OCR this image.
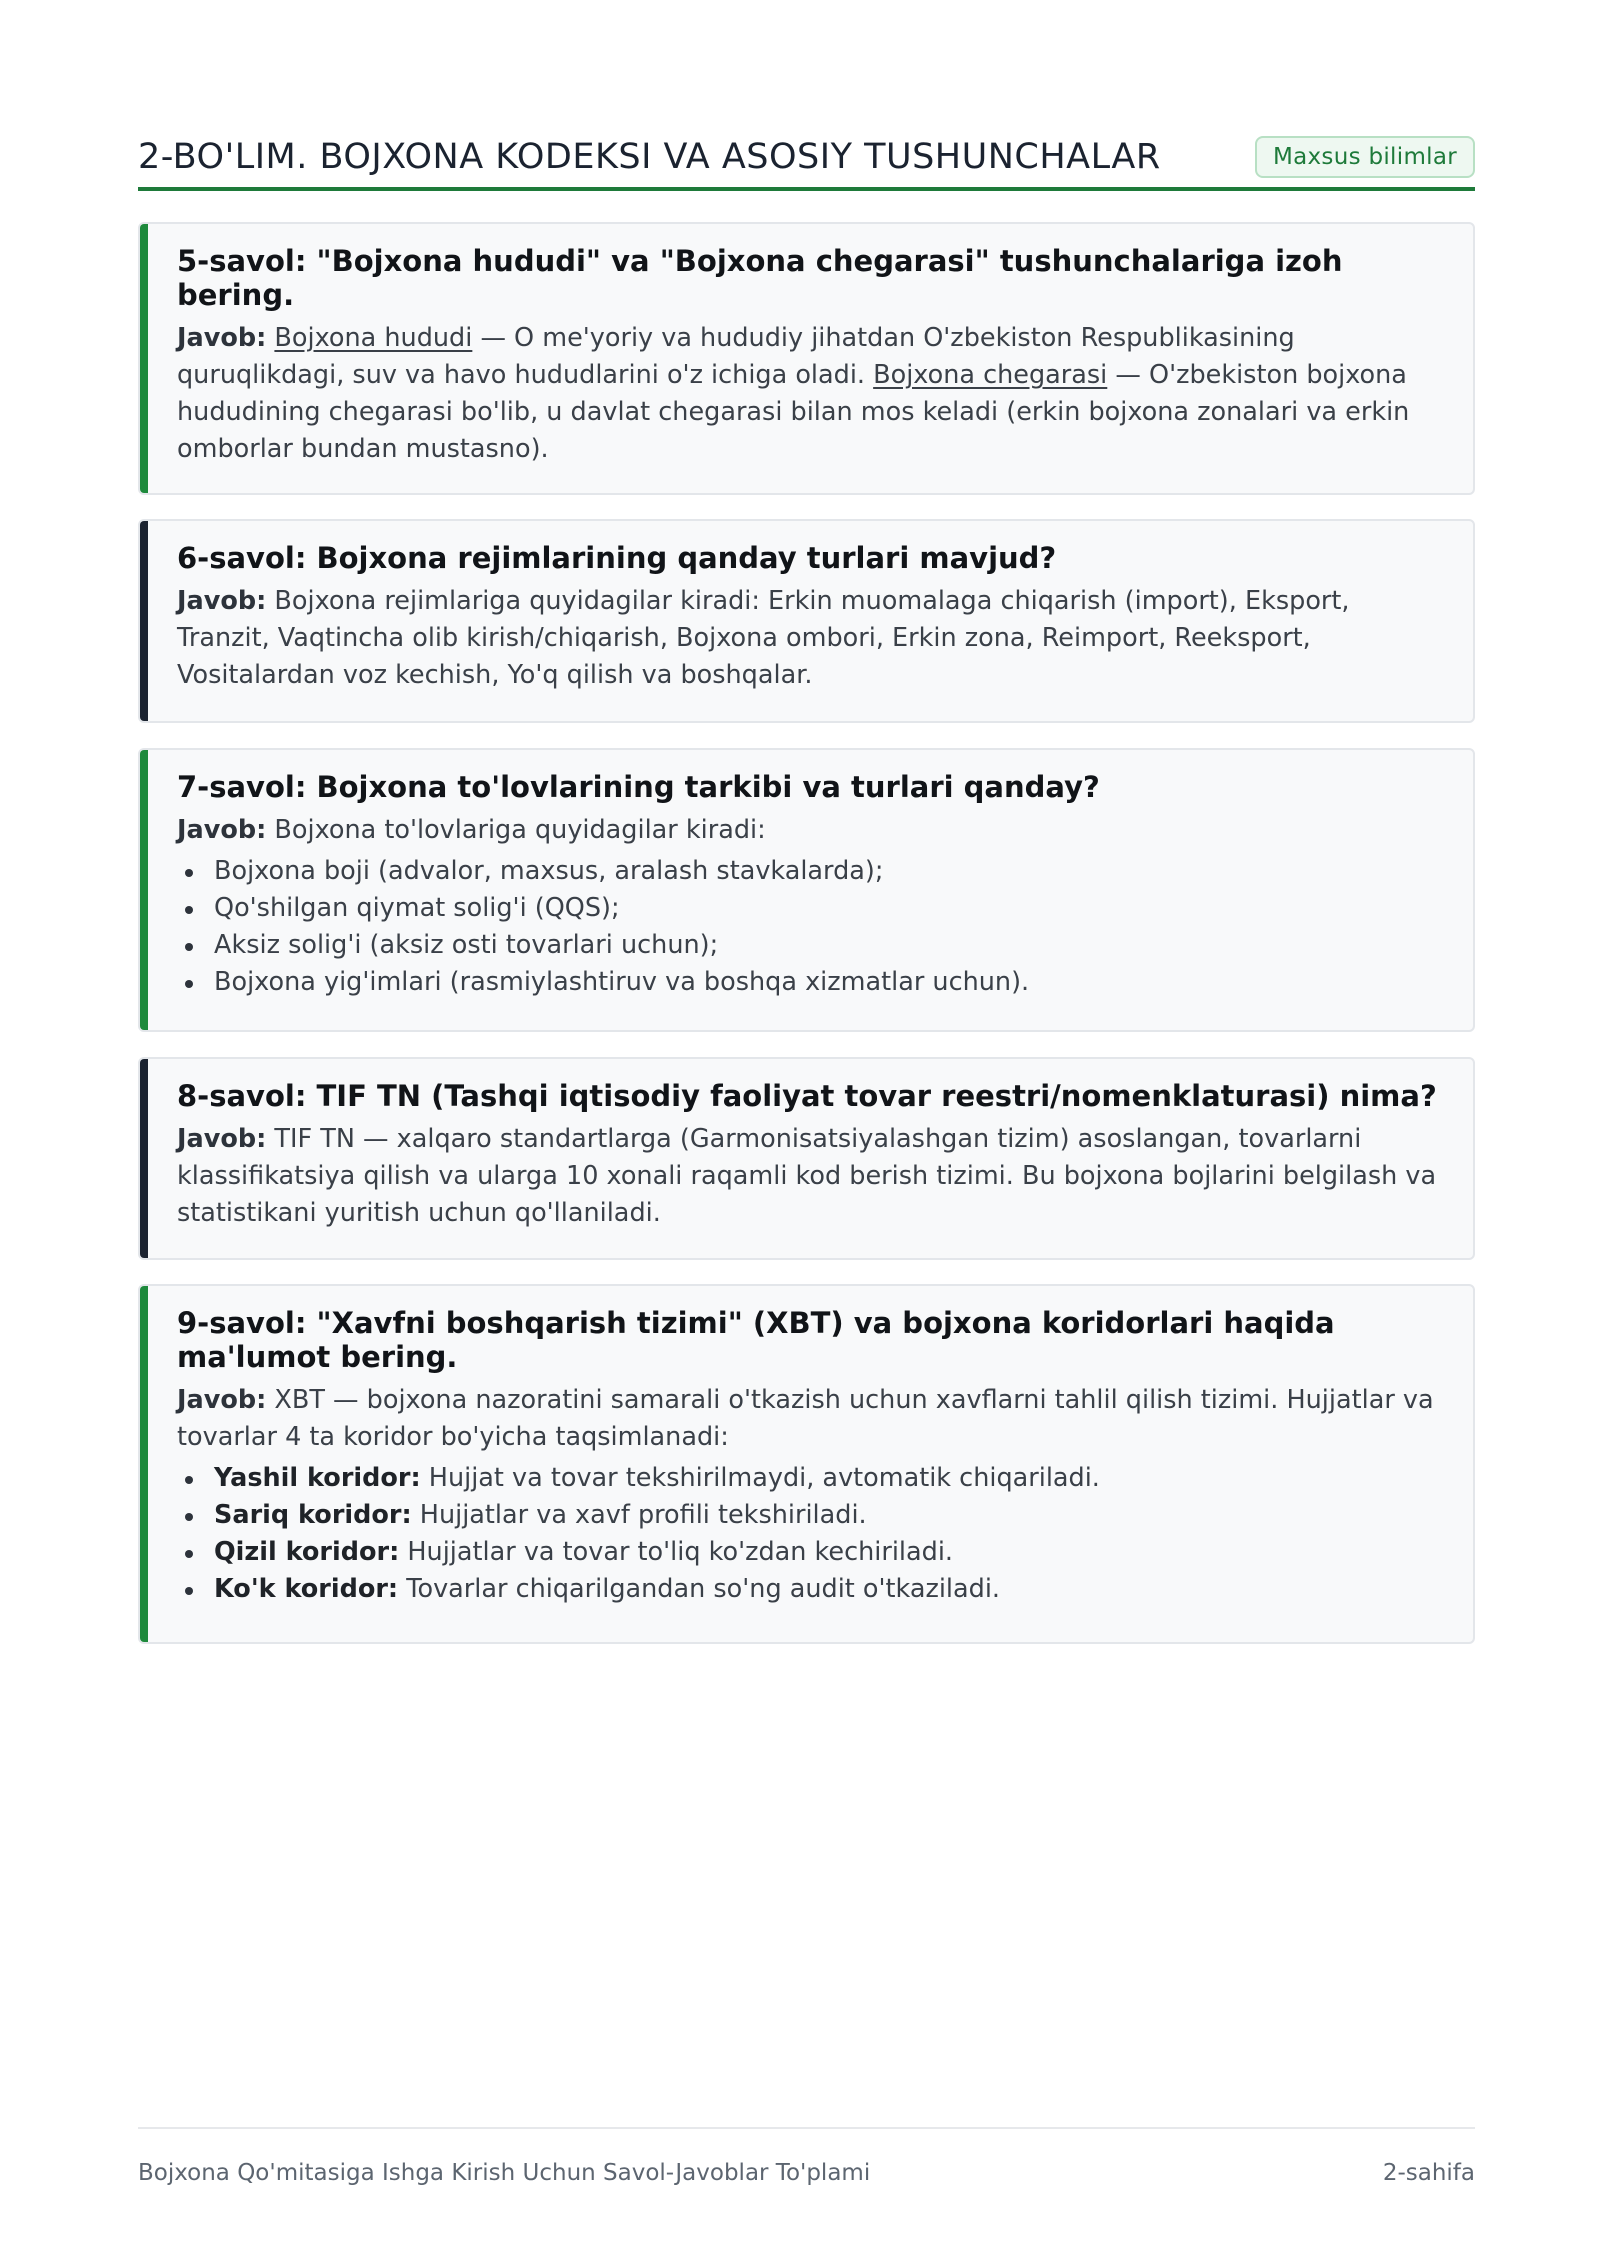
2-BO'LIM. BOJXONA KODEKSI VA ASOSIY TUSHUNCHALAR	Maxsus bilimlar

5-savol: "Bojxona hududi" va "Bojxona chegarasi" tushunchalariga izoh bering.

Javob: Bojxona hududi — O me'yoriy va hududiy jihatdan O'zbekiston Respublikasining quruqlikdagi, suv va havo hududlarini o'z ichiga oladi. Bojxona chegarasi — O'zbekiston bojxona hududining chegarasi bo'lib, u davlat chegarasi bilan mos keladi (erkin bojxona zonalari va erkin omborlar bundan mustasno).

6-savol: Bojxona rejimlarining qanday turlari mavjud?

Javob: Bojxona rejimlariga quyidagilar kiradi: Erkin muomalaga chiqarish (import), Eksport, Tranzit, Vaqtincha olib kirish/chiqarish, Bojxona ombori, Erkin zona, Reimport, Reeksport, Vositalardan voz kechish, Yo'q qilish va boshqalar.

7-savol: Bojxona to'lovlarining tarkibi va turlari qanday?

Javob: Bojxona to'lovlariga quyidagilar kiradi:

Bojxona boji (advalor, maxsus, aralash stavkalarda);
Qo'shilgan qiymat solig'i (QQS);
Aksiz solig'i (aksiz osti tovarlari uchun);
Bojxona yig'imlari (rasmiylashtiruv va boshqa xizmatlar uchun).

8-savol: TIF TN (Tashqi iqtisodiy faoliyat tovar reestri/nomenklaturasi) nima?

Javob: TIF TN — xalqaro standartlarga (Garmonisatsiyalashgan tizim) asoslangan, tovarlarni klassifikatsiya qilish va ularga 10 xonali raqamli kod berish tizimi. Bu bojxona bojlarini belgilash va statistikani yuritish uchun qo'llaniladi.

9-savol: "Xavfni boshqarish tizimi" (XBT) va bojxona koridorlari haqida ma'lumot bering.

Javob: XBT — bojxona nazoratini samarali o'tkazish uchun xavflarni tahlil qilish tizimi. Hujjatlar va tovarlar 4 ta koridor bo'yicha taqsimlanadi:

Yashil koridor: Hujjat va tovar tekshirilmaydi, avtomatik chiqariladi.
Sariq koridor: Hujjatlar va xavf profili tekshiriladi.
Qizil koridor: Hujjatlar va tovar to'liq ko'zdan kechiriladi.
Ko'k koridor: Tovarlar chiqarilgandan so'ng audit o'tkaziladi.
Bojxona Qo'mitasiga Ishga Kirish Uchun Savol-Javoblar To'plami	2-sahifa
